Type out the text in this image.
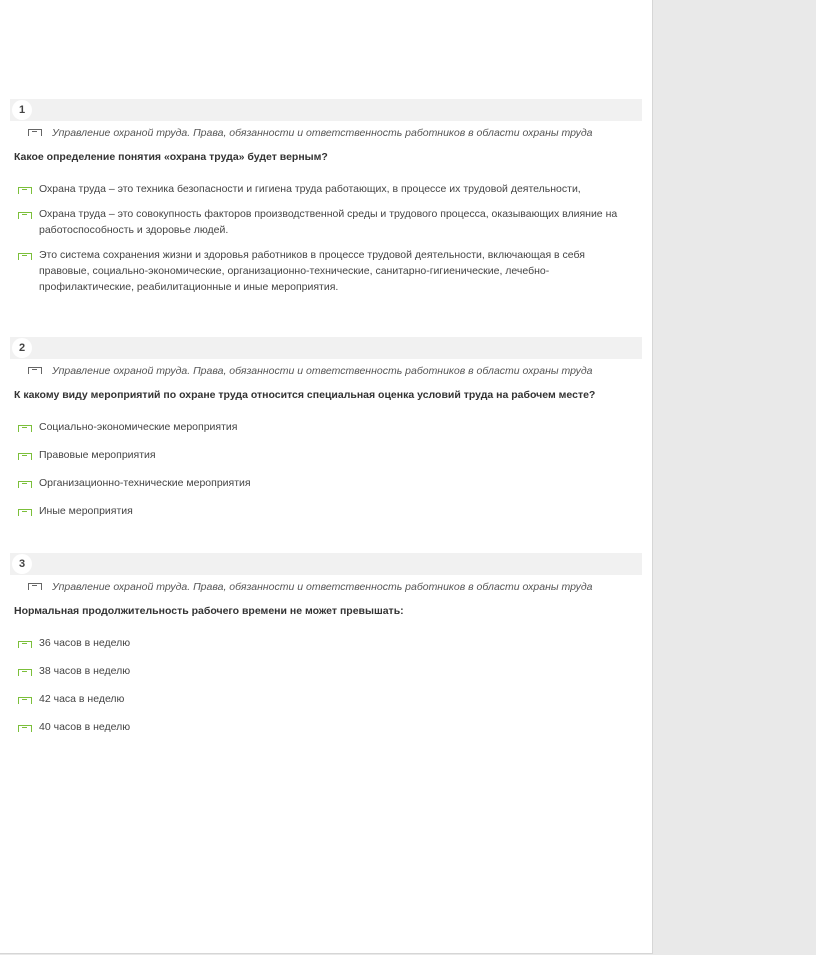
1
Управление охраной труда. Права, обязанности и ответственность работников в области охраны труда
Какое определение понятия «охрана труда» будет верным?
Охрана труда – это техника безопасности и гигиена труда работающих, в процессе их трудовой деятельности,
Охрана труда – это совокупность факторов производственной среды и трудового процесса, оказывающих влияние на работоспособность и здоровье людей.
Это система сохранения жизни и здоровья работников в процессе трудовой деятельности, включающая в себя правовые, социально-экономические, организационно-технические, санитарно-гигиенические, лечебно-профилактические, реабилитационные и иные мероприятия.
2
Управление охраной труда. Права, обязанности и ответственность работников в области охраны труда
К какому виду мероприятий по охране труда относится специальная оценка условий труда на рабочем месте?
Социально-экономические мероприятия
Правовые мероприятия
Организационно-технические мероприятия
Иные мероприятия
3
Управление охраной труда. Права, обязанности и ответственность работников в области охраны труда
Нормальная продолжительность рабочего времени не может превышать:
36 часов в неделю
38 часов в неделю
42 часа в неделю
40 часов в неделю
